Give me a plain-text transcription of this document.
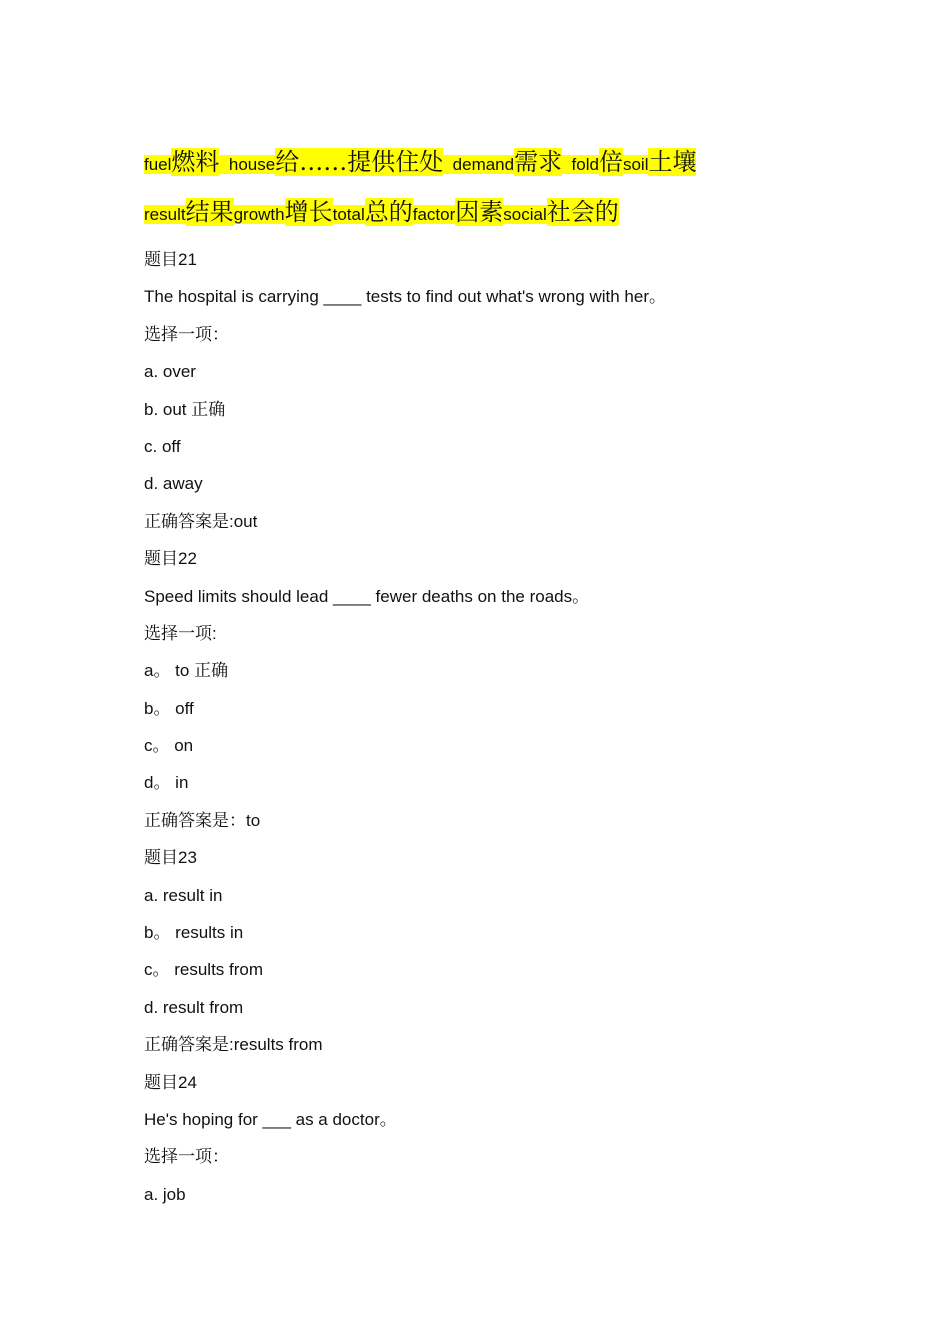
fuel燃料 house给……提供住处 demand需求 fold倍soil土壤
result结果growth增长total总的factor因素social社会的
题目21
The hospital is carrying ____ tests to find out what's wrong with her。
选择一项：
a. over
b. out 正确
c. off
d. away
正确答案是:out
题目22
Speed limits should lead ____ fewer deaths on the roads。
选择一项:
a。 to 正确
b。 off
c。 on
d。 in
正确答案是：to
题目23
a. result in
b。 results in
c。 results from
d. result from
正确答案是:results from
题目24
He's hoping for ___ as a doctor。
选择一项：
a. job
